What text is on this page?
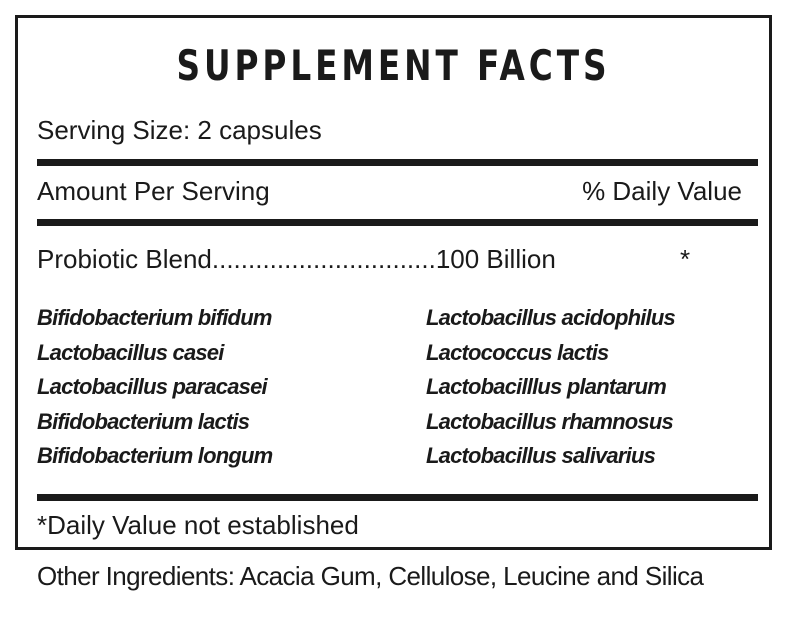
SUPPLEMENT FACTS
Serving Size: 2 capsules
Amount Per Serving	% Daily Value
Probiotic Blend...............................100 Billion	*
Bifidobacterium bifidum
Lactobacillus casei
Lactobacillus paracasei
Bifidobacterium lactis
Bifidobacterium longum
Lactobacillus acidophilus
Lactococcus lactis
Lactobacilllus plantarum
Lactobacillus rhamnosus
Lactobacillus salivarius
*Daily Value not established
Other Ingredients: Acacia Gum, Cellulose, Leucine and Silica
